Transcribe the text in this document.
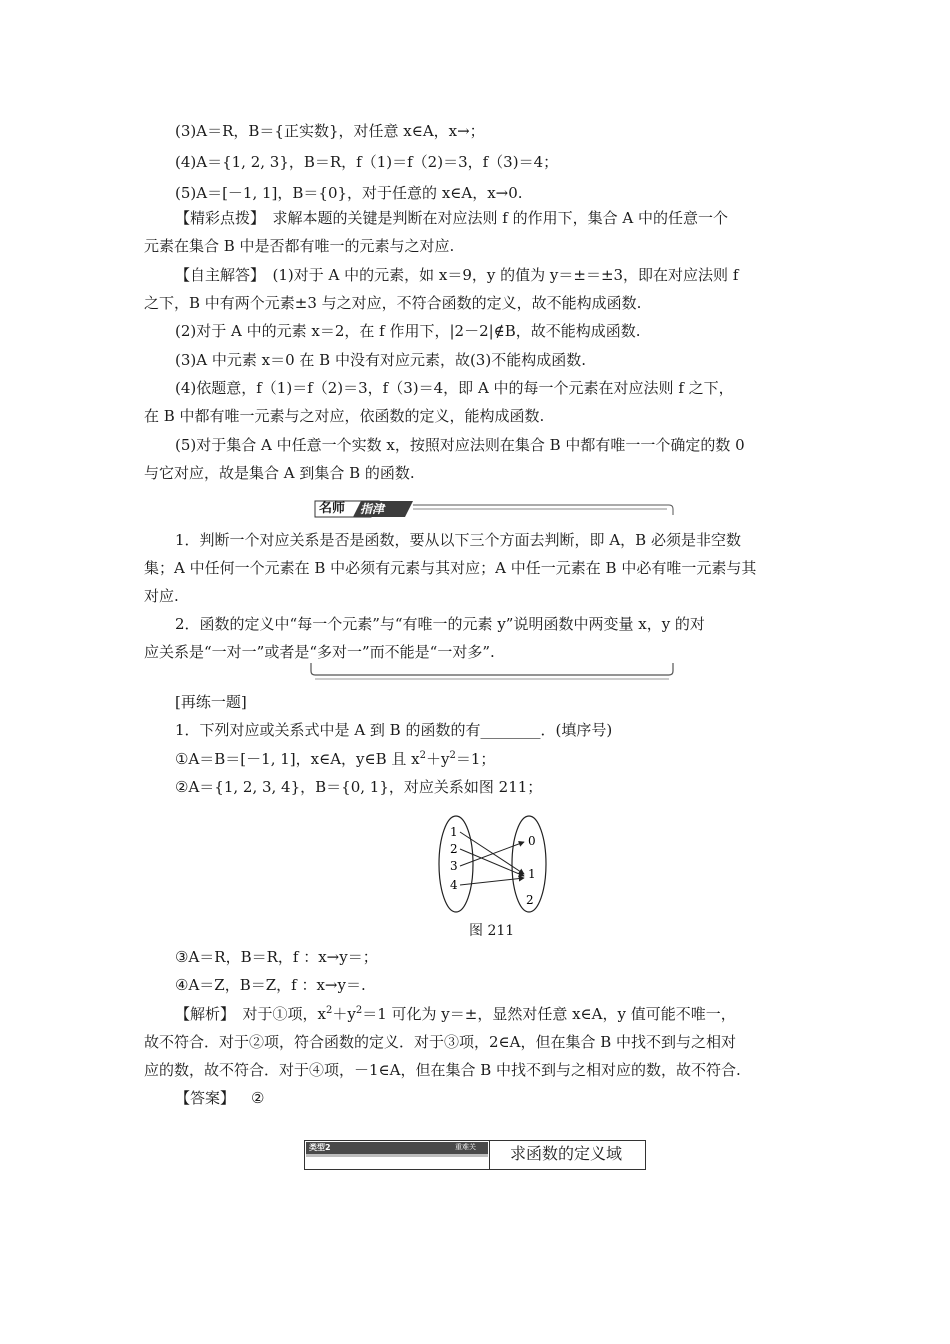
(3)A＝R，B＝{正实数}，对任意 x∈A，x→；
(4)A＝{1, 2, 3}，B＝R，f（1)＝f（2)＝3，f（3)＝4；
(5)A＝[－1, 1]，B＝{0}，对于任意的 x∈A，x→0.
【精彩点拨】　求解本题的关键是判断在对应法则 f 的作用下，集合 A 中的任意一个
元素在集合 B 中是否都有唯一的元素与之对应.
【自主解答】　(1)对于 A 中的元素，如 x＝9，y 的值为 y＝±＝±3，即在对应法则 f
之下，B 中有两个元素±3 与之对应，不符合函数的定义，故不能构成函数.
(2)对于 A 中的元素 x＝2，在 f 作用下，|2－2|∉B，故不能构成函数.
(3)A 中元素 x＝0 在 B 中没有对应元素，故(3)不能构成函数.
(4)依题意，f（1)＝f（2)＝3，f（3)＝4，即 A 中的每一个元素在对应法则 f 之下，
在 B 中都有唯一元素与之对应，依函数的定义，能构成函数.
(5)对于集合 A 中任意一个实数 x，按照对应法则在集合 B 中都有唯一一个确定的数 0
与它对应，故是集合 A 到集合 B 的函数.
名师 指津
1．判断一个对应关系是否是函数，要从以下三个方面去判断，即 A，B 必须是非空数
集；A 中任何一个元素在 B 中必须有元素与其对应；A 中任一元素在 B 中必有唯一元素与其
对应.
2．函数的定义中“每一个元素”与“有唯一的元素 y”说明函数中两变量 x，y 的对
应关系是“一对一”或者是“多对一”而不能是“一对多”.
[再练一题]
1．下列对应或关系式中是 A 到 B 的函数的有________．(填序号)
①A＝B＝[－1, 1]，x∈A，y∈B 且 $x^2+y^2=1$；
②A＝{1, 2, 3, 4}，B＝{0, 1}，对应关系如图 211；
1
2
3
4
0
1
2
图 211
③A＝R，B＝R，f ：x→y＝；
④A＝Z，B＝Z，f ：x→y＝.
【解析】　对于①项，$x^2+y^2=1$ 可化为 y＝±，显然对任意 x∈A，y 值可能不唯一，
故不符合．对于②项，符合函数的定义．对于③项，2∈A，但在集合 B 中找不到与之相对
应的数，故不符合．对于④项，－1∈A，但在集合 B 中找不到与之相对应的数，故不符合.
【答案】 ②
类型2	重难关 求函数的定义域
